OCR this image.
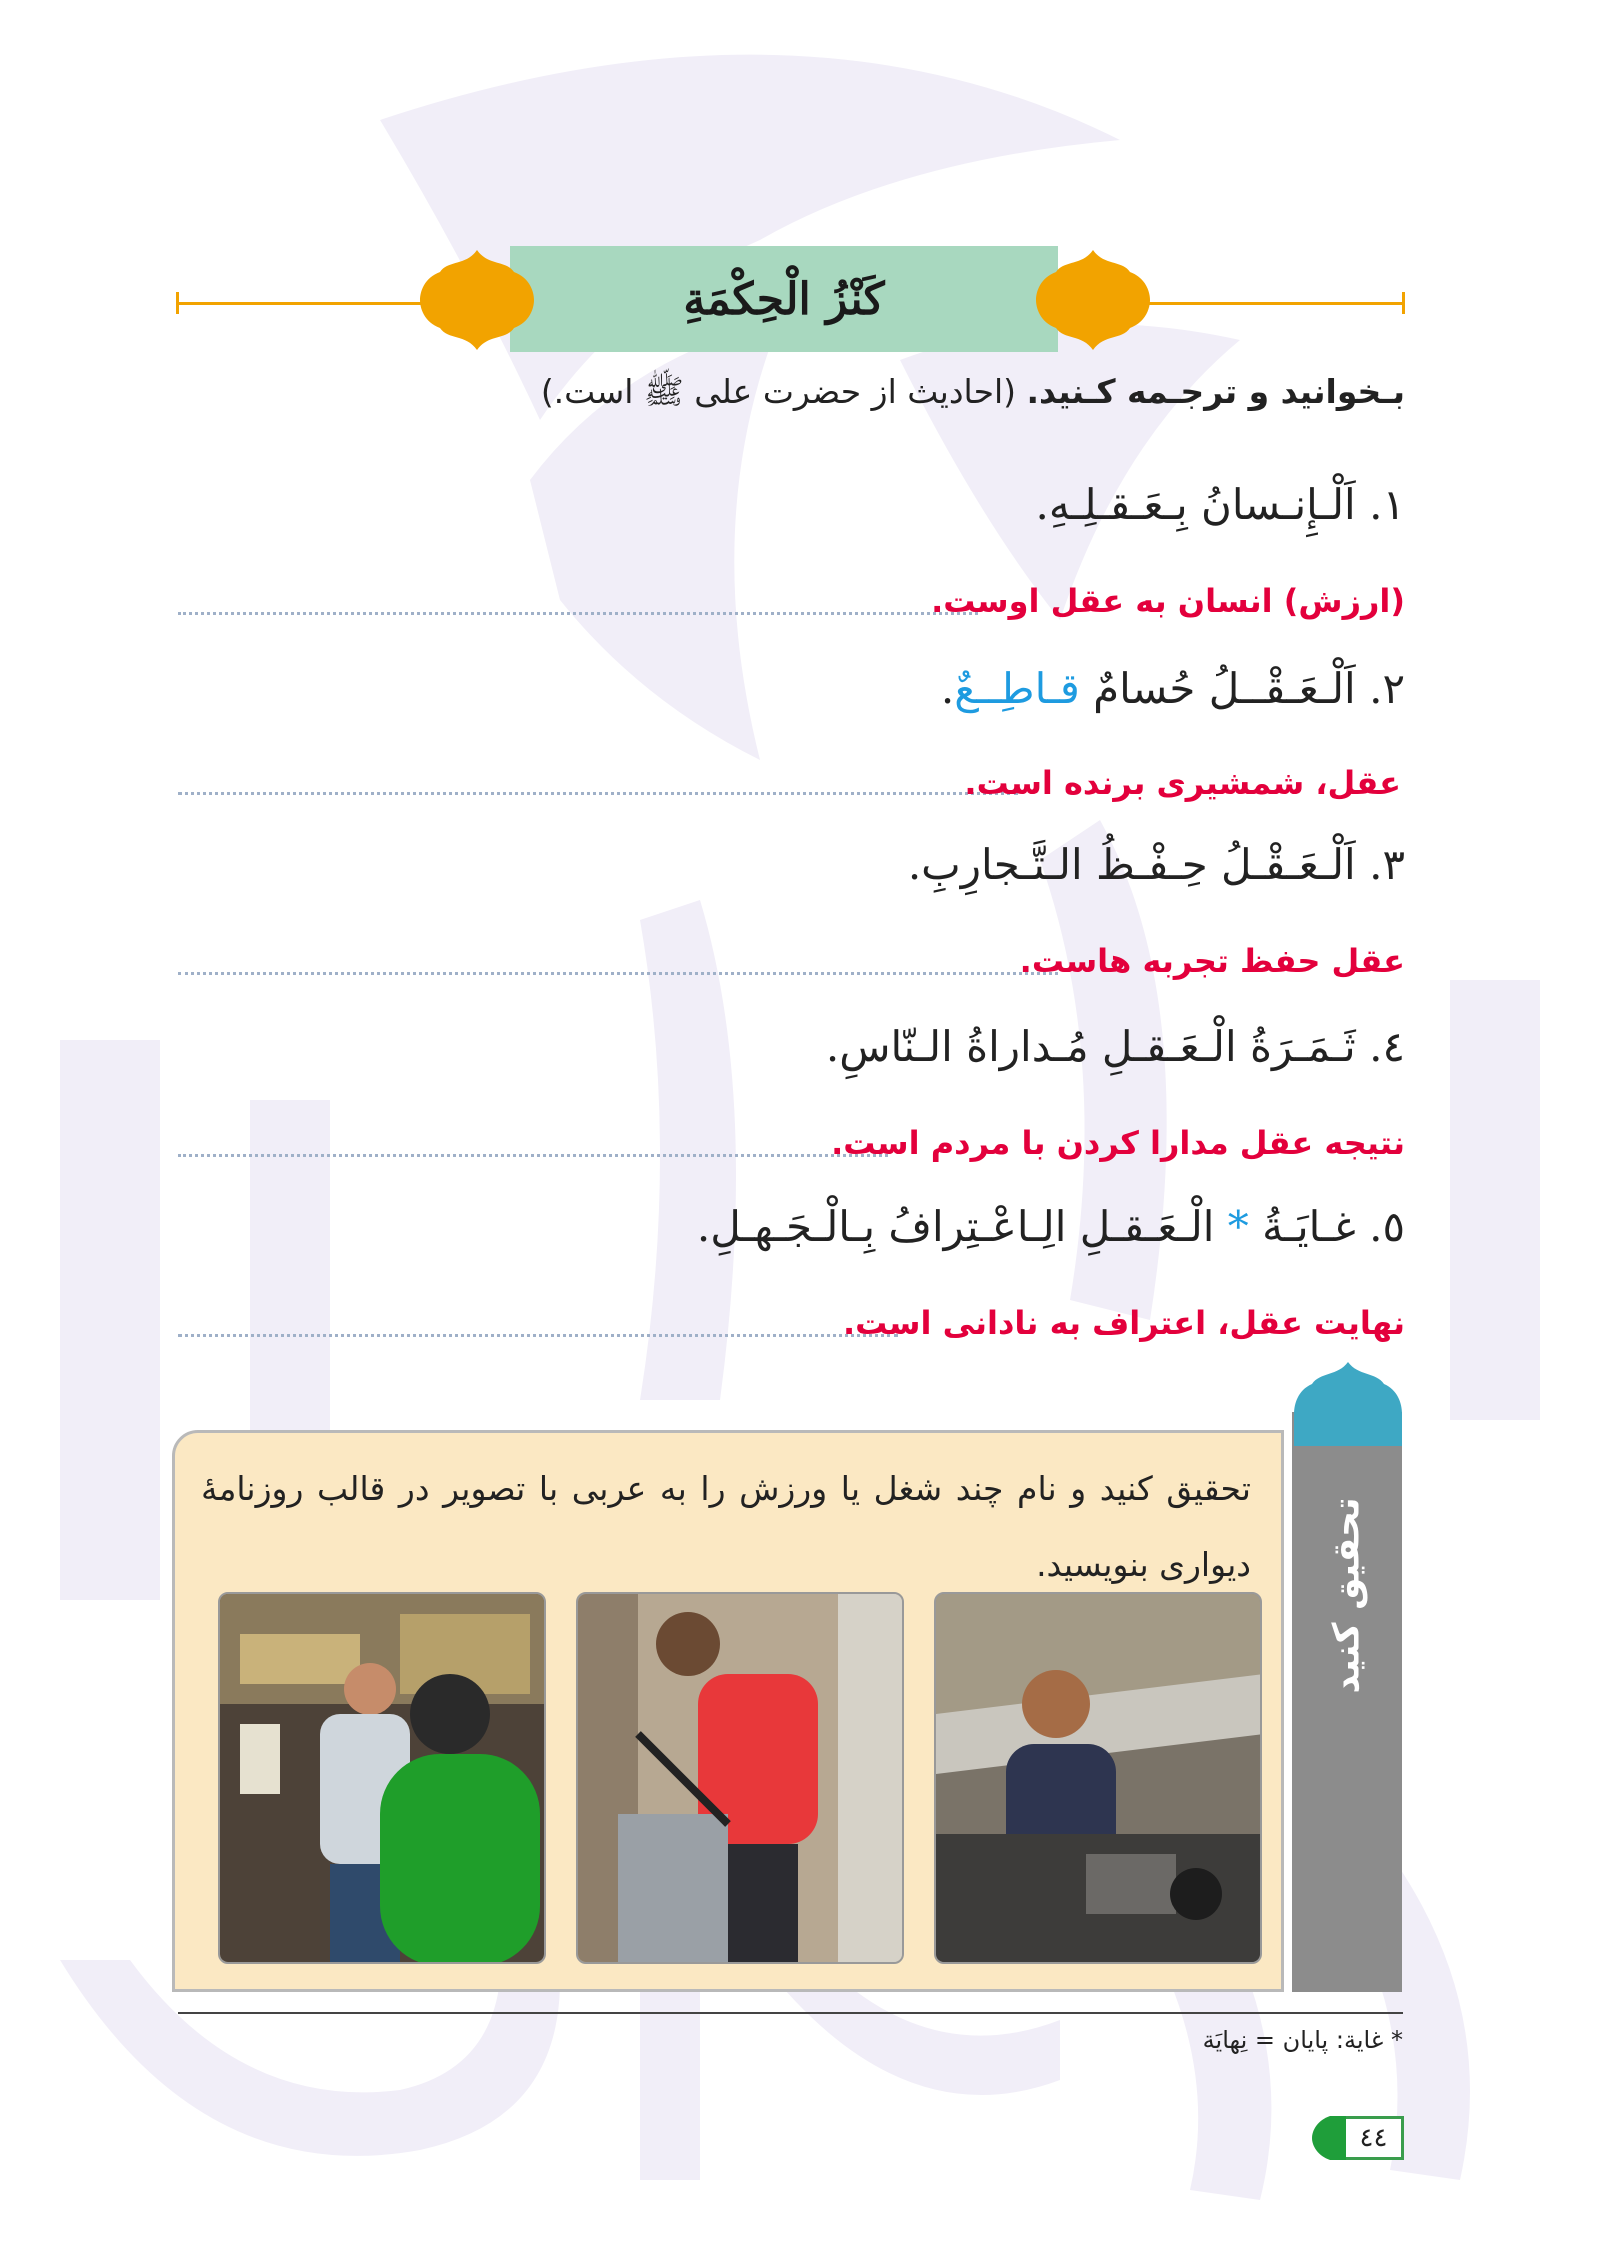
كَنْزُ الْحِكْمَةِ
بـخوانید و ترجـمه کـنید. (احادیث از حضرت علی ﷺ است.)
١. اَلْـإِنـسانُ بِـعَـقـلِـهِ.
(ارزش) انسان به عقل اوست.
٢. اَلْـعَـقْــلُ حُسامٌ قـاطِــعٌ.
عقل، شمشیری برنده است.
٣. اَلْـعَـقْـلُ حِـفْـظُ الـتَّـجارِبِ.
عقل حفظ تجربه هاست.
٤. ثَـمَـرَةُ الْـعَـقـلِ مُـداراةُ الـنّاسِ.
نتیجه عقل مدارا کردن با مردم است.
٥. غـايَـةُ * الْـعَـقـلِ الِـاعْـتِرافُ بِـالْـجَـهـلِ.
نهایت عقل، اعتراف به نادانی است.
تحقیق کنید و نام چند شغل یا ورزش را به عربی با تصویر در قالب روزنامهٔ دیواری بنویسید. تحقیق کنید
* غایة: پایان = نِهایَة
٤٤
